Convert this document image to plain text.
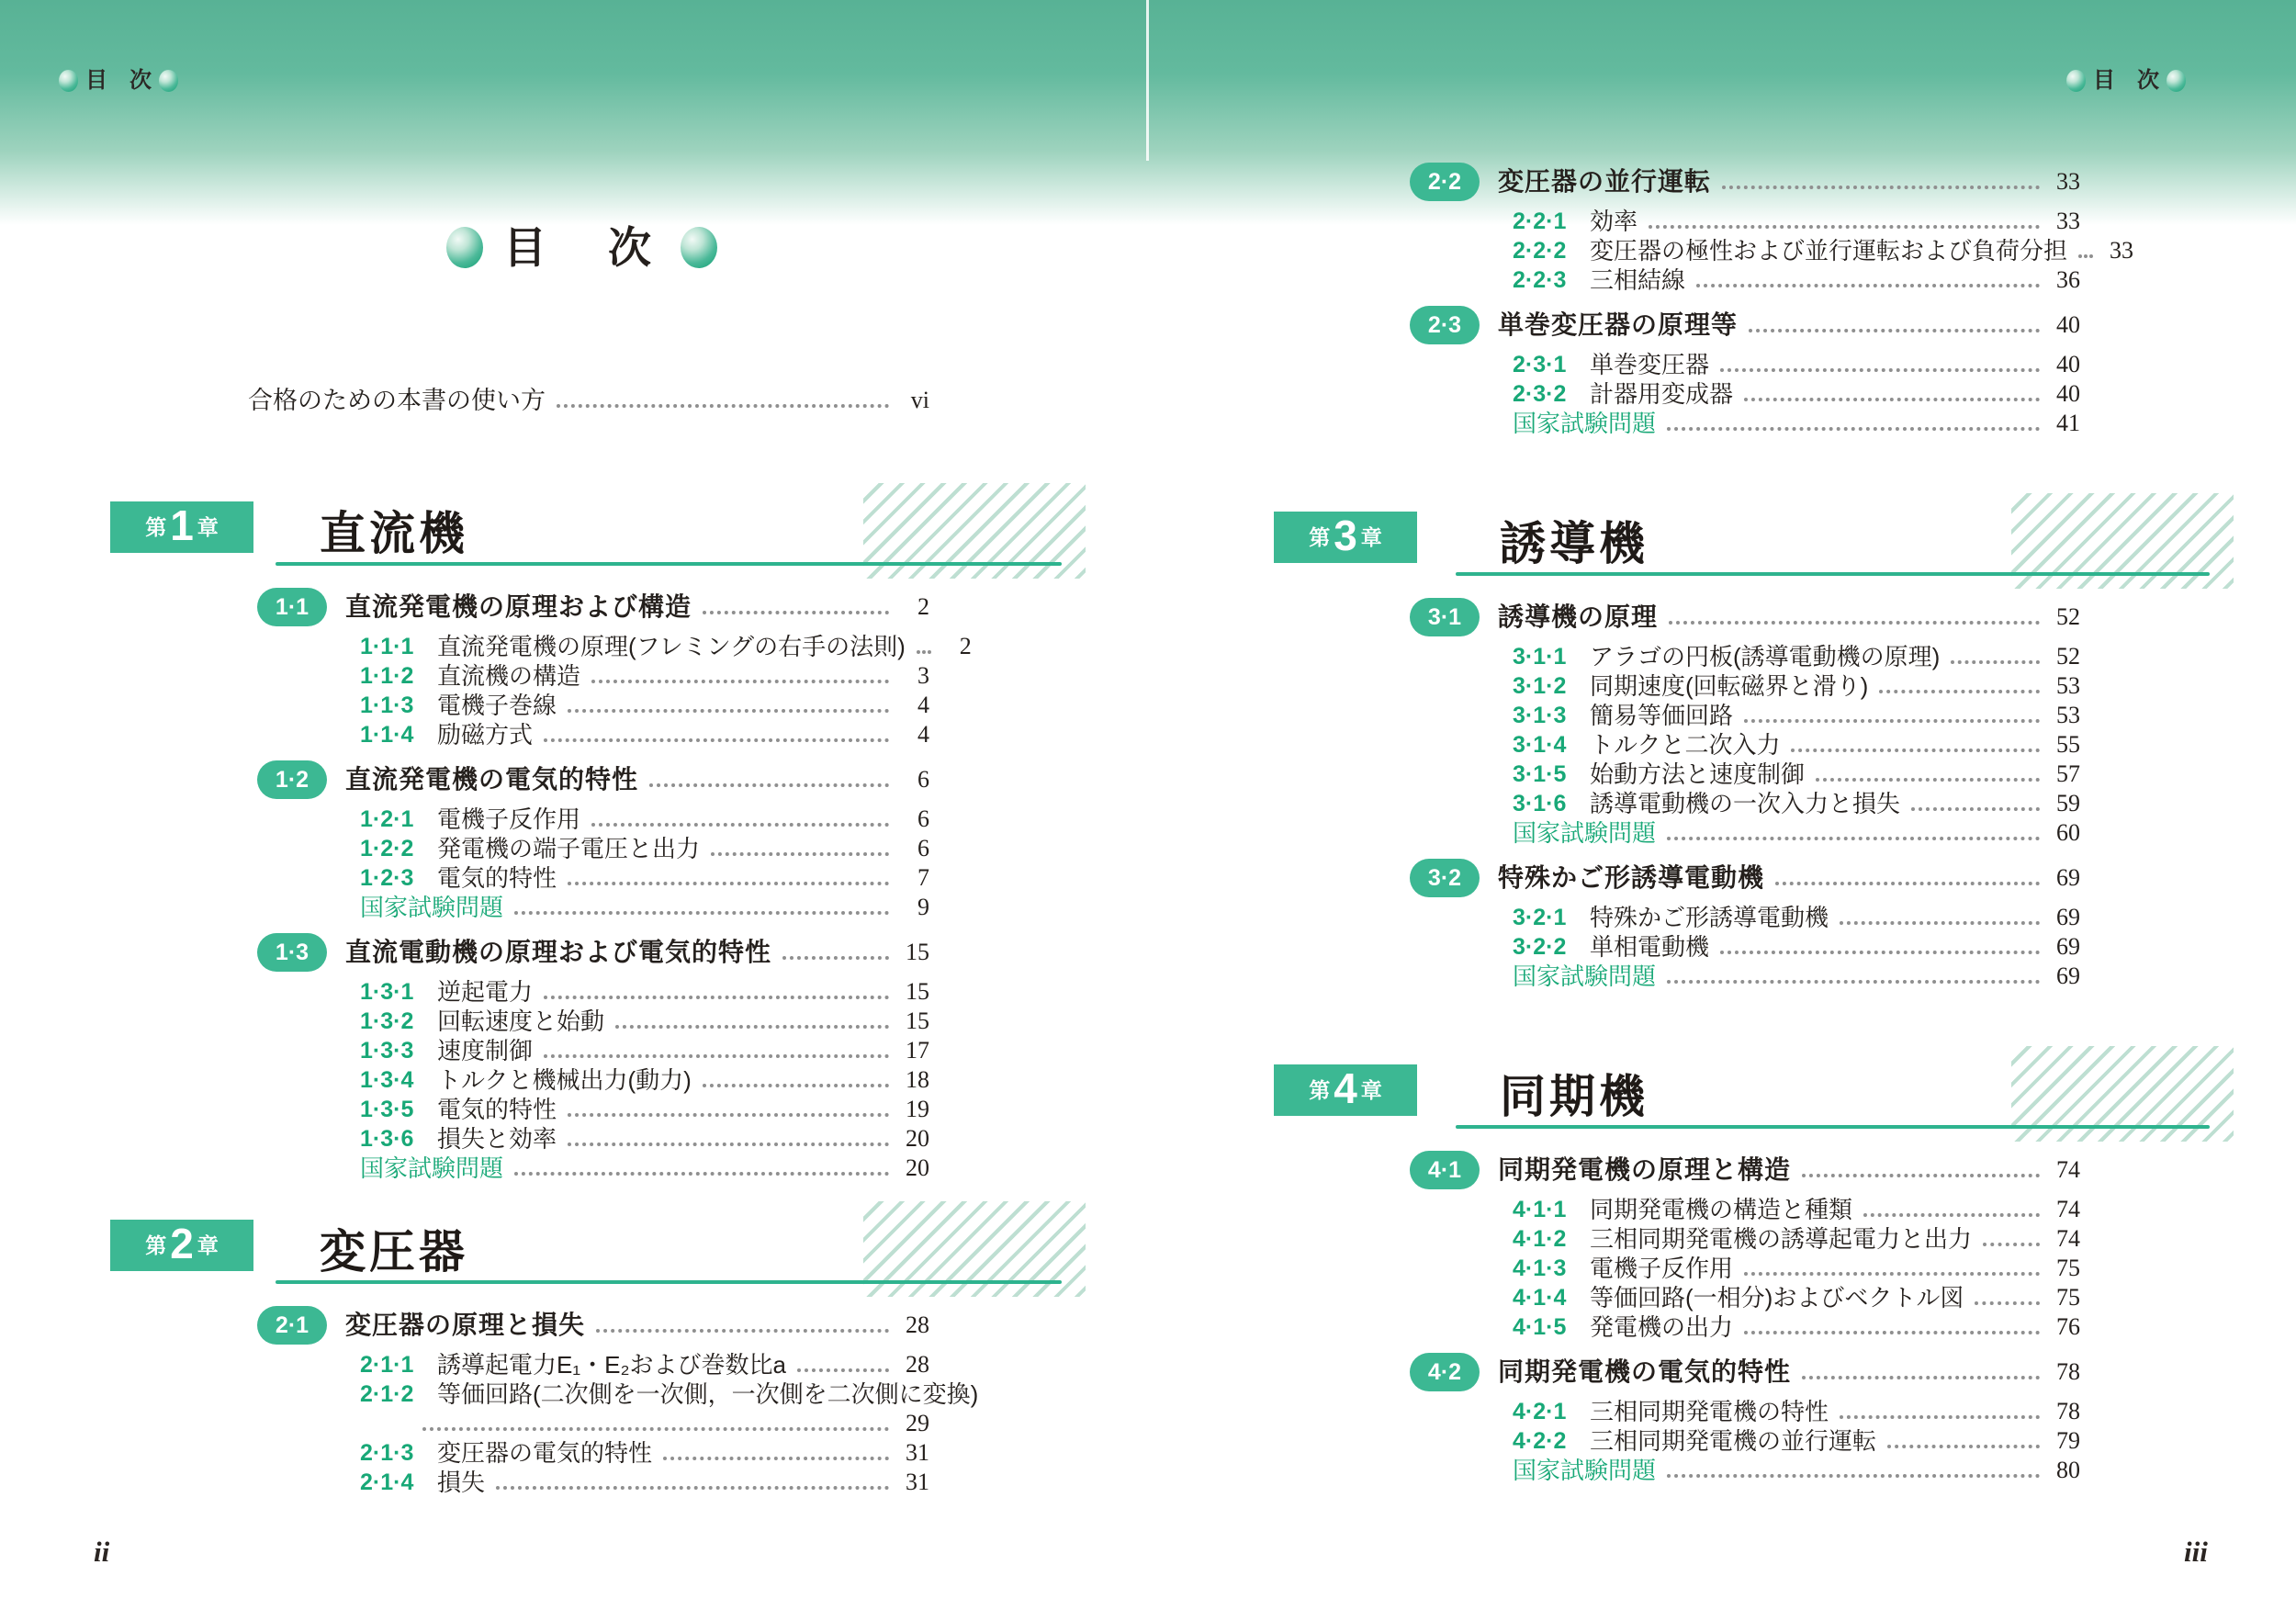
目　次	目　次
目　次
合格のための本書の使い方	vi
第 1 章 直流機
1·1	直流発電機の原理および構造	2
1·1·1 直流発電機の原理(フレミングの右手の法則)	2
1·1·2 直流機の構造	3
1·1·3 電機子巻線	4
1·1·4 励磁方式	4
1·2	直流発電機の電気的特性	6
1·2·1 電機子反作用	6
1·2·2 発電機の端子電圧と出力	6
1·2·3 電気的特性	7
国家試験問題	9
1·3	直流電動機の原理および電気的特性	15
1·3·1 逆起電力	15
1·3·2 回転速度と始動	15
1·3·3 速度制御	17
1·3·4 トルクと機械出力(動力)	18
1·3·5 電気的特性	19
1·3·6 損失と効率	20
国家試験問題	20
第 2 章 変圧器
2·1	変圧器の原理と損失	28
2·1·1 誘導起電力E₁・E₂および巻数比a	28
2·1·2 等価回路(二次側を一次側，一次側を二次側に変換)
29
2·1·3 変圧器の電気的特性	31
2·1·4 損失	31
2·2	変圧器の並行運転	33
2·2·1 効率	33
2·2·2 変圧器の極性および並行運転および負荷分担	33
2·2·3 三相結線	36
2·3	単巻変圧器の原理等	40
2·3·1 単巻変圧器	40
2·3·2 計器用変成器	40
国家試験問題	41
第 3 章	誘導機
3·1	誘導機の原理	52
3·1·1 アラゴの円板(誘導電動機の原理)	52
3·1·2 同期速度(回転磁界と滑り)	53
3·1·3 簡易等価回路	53
3·1·4 トルクと二次入力	55
3·1·5 始動方法と速度制御	57
3·1·6 誘導電動機の一次入力と損失	59
国家試験問題	60
3·2	特殊かご形誘導電動機	69
3·2·1 特殊かご形誘導電動機	69
3·2·2 単相電動機	69
国家試験問題	69
第 4 章	同期機
4·1	同期発電機の原理と構造	74
4·1·1 同期発電機の構造と種類	74
4·1·2 三相同期発電機の誘導起電力と出力	74
4·1·3 電機子反作用	75
4·1·4 等価回路(一相分)およびベクトル図	75
4·1·5 発電機の出力	76
4·2	同期発電機の電気的特性	78
4·2·1 三相同期発電機の特性	78
4·2·2 三相同期発電機の並行運転	79
国家試験問題	80
ii	iii
